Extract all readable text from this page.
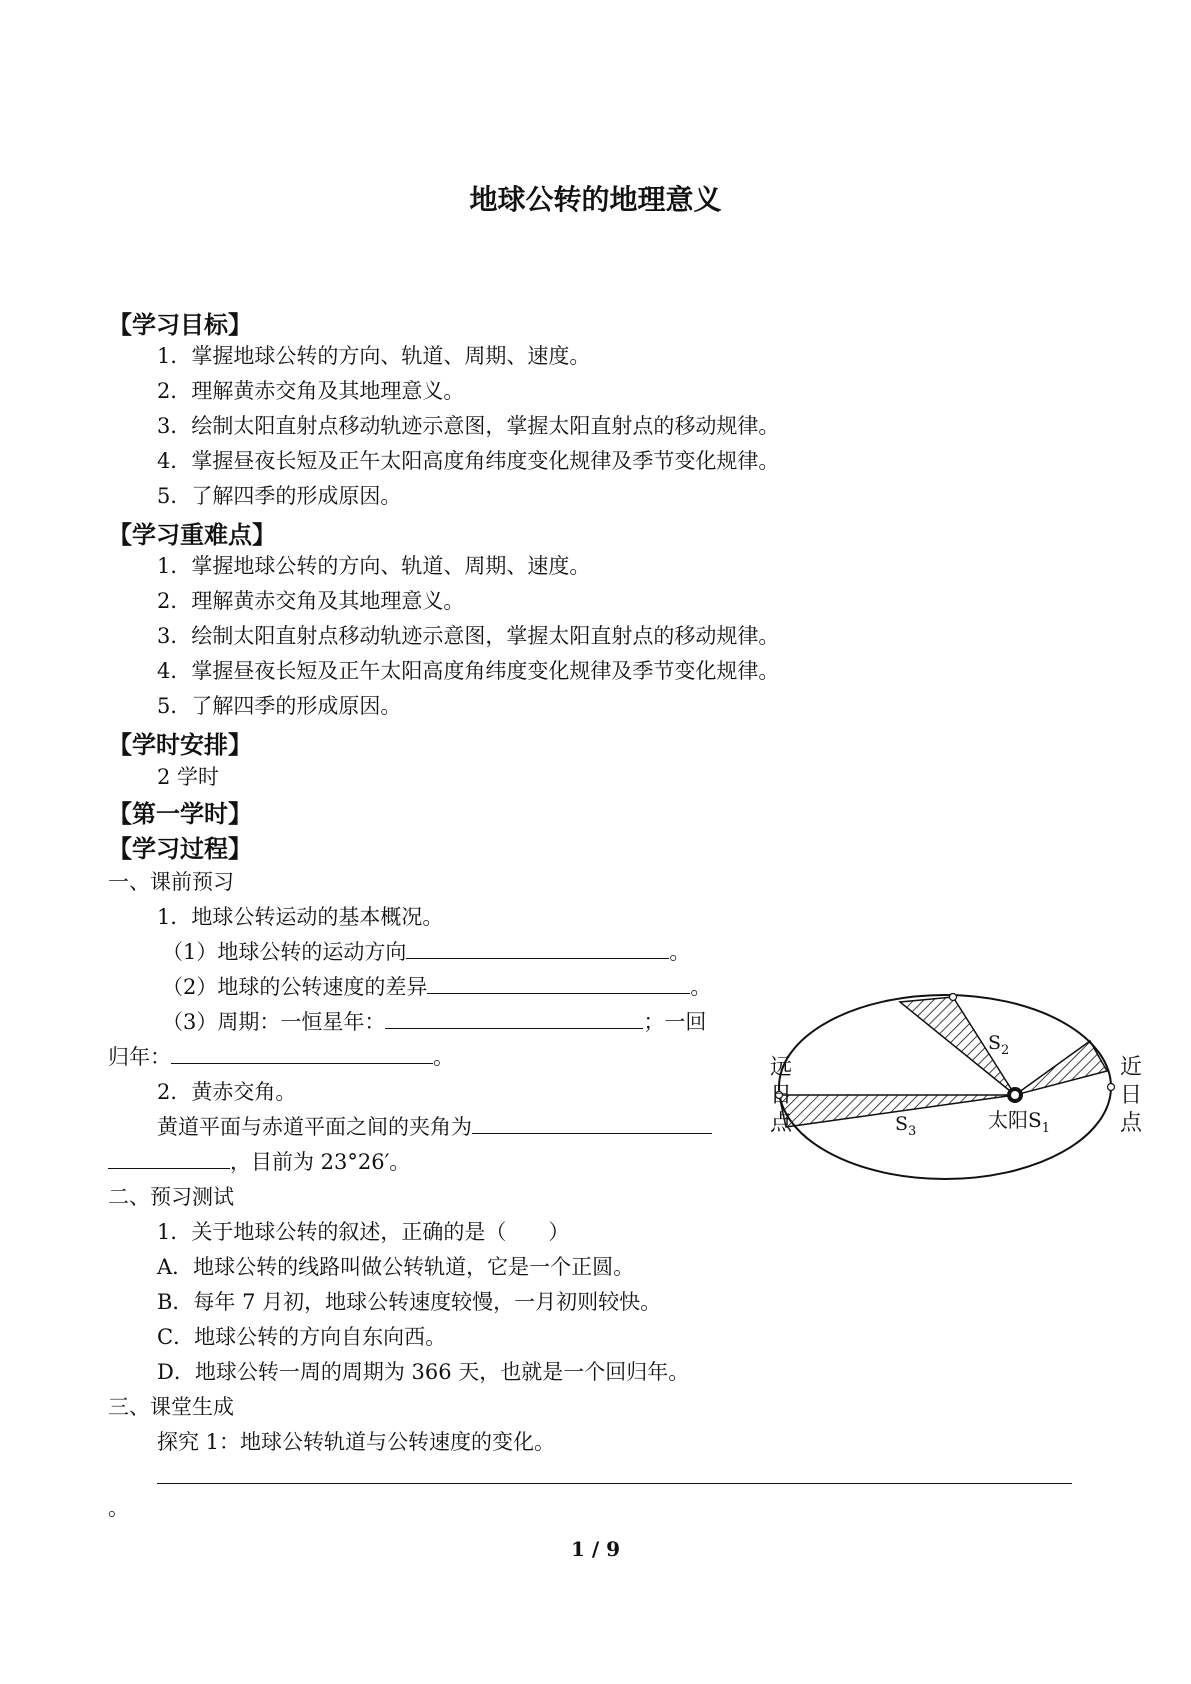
地球公转的地理意义
【学习目标】
1．掌握地球公转的方向、轨道、周期、速度。
2．理解黄赤交角及其地理意义。
3．绘制太阳直射点移动轨迹示意图，掌握太阳直射点的移动规律。
4．掌握昼夜长短及正午太阳高度角纬度变化规律及季节变化规律。
5．了解四季的形成原因。
【学习重难点】
1．掌握地球公转的方向、轨道、周期、速度。
2．理解黄赤交角及其地理意义。
3．绘制太阳直射点移动轨迹示意图，掌握太阳直射点的移动规律。
4．掌握昼夜长短及正午太阳高度角纬度变化规律及季节变化规律。
5．了解四季的形成原因。
【学时安排】
2 学时
【第一学时】
【学习过程】
一、课前预习
1．地球公转运动的基本概况。
（1）地球公转的运动方向	。
（2）地球的公转速度的差异	。
（3）周期：一恒星年：	；一回
归年：	。
2．黄赤交角。
黄道平面与赤道平面之间的夹角为
，目前为 23°26′。
二、预习测试
1．关于地球公转的叙述，正确的是（　　）
A．地球公转的线路叫做公转轨道，它是一个正圆。
B．每年 7 月初，地球公转速度较慢，一月初则较快。
C．地球公转的方向自东向西。
D．地球公转一周的周期为 366 天，也就是一个回归年。
三、课堂生成
探究 1：地球公转轨道与公转速度的变化。
。
$S_2$
$S_3$	太阳$S_1$
远
日
点
近
日
点
1 / 9
